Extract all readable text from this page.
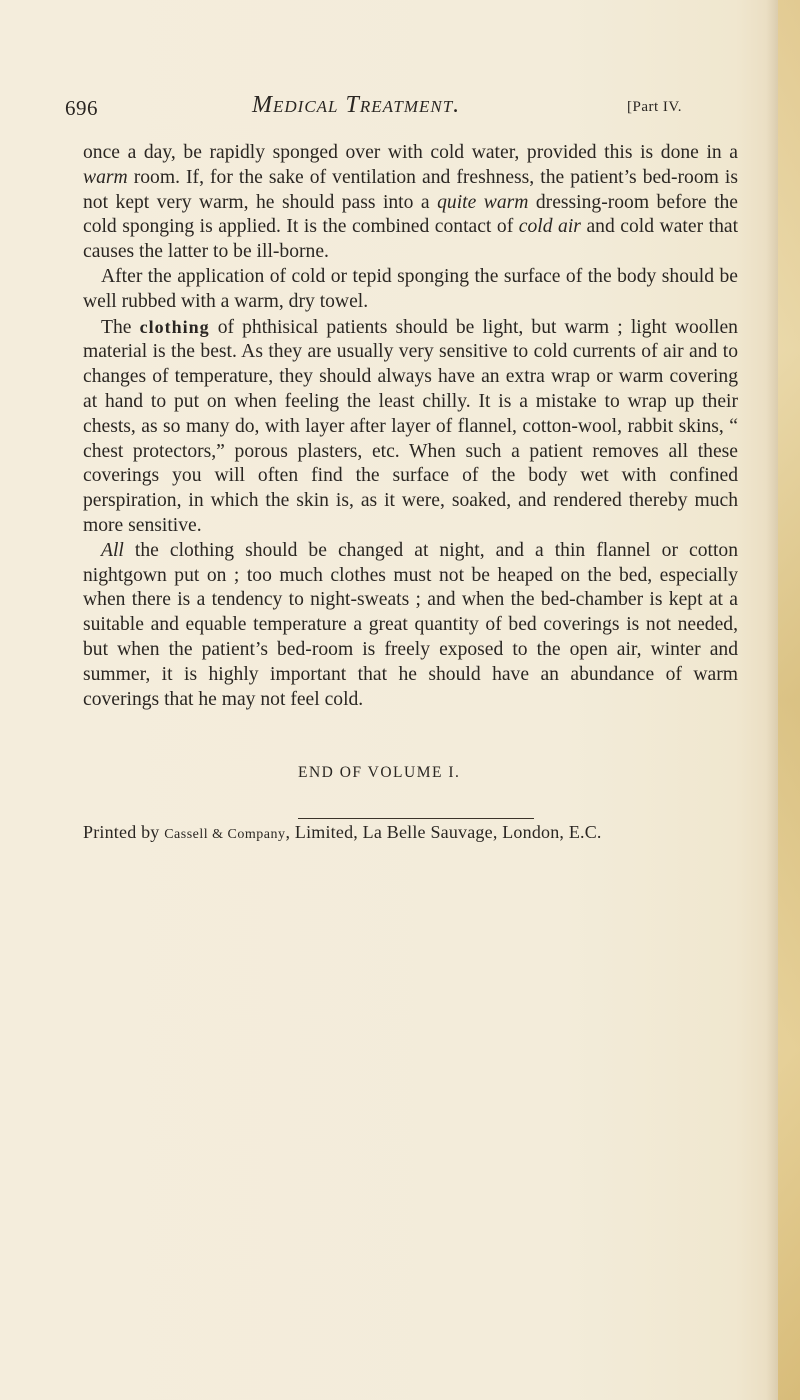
696	Medical Treatment.	[Part IV.

once a day, be rapidly sponged over with cold water, provided this is done in a warm room. If, for the sake of ventilation and freshness, the patient’s bed-room is not kept very warm, he should pass into a quite warm dressing-room before the cold sponging is applied. It is the combined contact of cold air and cold water that causes the latter to be ill-borne.

After the application of cold or tepid sponging the surface of the body should be well rubbed with a warm, dry towel.

The clothing of phthisical patients should be light, but warm ; light woollen material is the best. As they are usually very sensitive to cold currents of air and to changes of temperature, they should always have an extra wrap or warm covering at hand to put on when feeling the least chilly. It is a mistake to wrap up their chests, as so many do, with layer after layer of flannel, cotton-wool, rabbit skins, “ chest protectors,” porous plasters, etc. When such a patient removes all these coverings you will often find the surface of the body wet with confined perspiration, in which the skin is, as it were, soaked, and rendered thereby much more sensitive.

All the clothing should be changed at night, and a thin flannel or cotton nightgown put on ; too much clothes must not be heaped on the bed, especially when there is a tendency to night-sweats ; and when the bed-chamber is kept at a suitable and equable temperature a great quantity of bed coverings is not needed, but when the patient’s bed-room is freely exposed to the open air, winter and summer, it is highly important that he should have an abundance of warm coverings that he may not feel cold.

END OF VOLUME I.
Printed by Cassell & Company, Limited, La Belle Sauvage, London, E.C.
